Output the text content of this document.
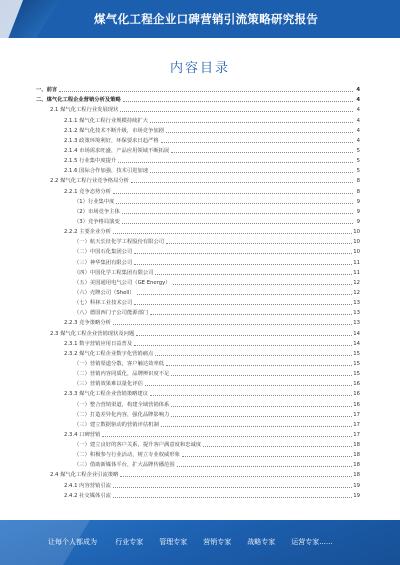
煤气化工程企业口碑营销引流策略研究报告
内容目录
一、前言	4
二、煤气化工程企业营销分析及策略	4
2.1 煤气化工程行业发展现状	4
2.1.1 煤气化工程行业规模持续扩大	4
2.1.2 煤气化技术不断升级，市场竞争加剧	4
2.1.3 政策环境利好，环保要求日趋严格	4
2.1.4 市场需求旺盛，产品应用领域不断拓展	5
2.1.5 行业集中度提升	5
2.1.6 国际合作加强，技术引进加速	5
2.2 煤气化工程行业竞争格局分析	8
2.2.1 竞争态势分析	8
（1）行业集中度	9
（2）市场竞争主体	9
（3）竞争格局演变	9
2.2.2 主要企业分析	10
（一）航天长征化学工程股份有限公司	10
（二）中国石化集团公司	10
（三）神华集团有限公司	11
（四）中国化学工程集团有限公司	11
（五）美国通用电气公司（GE Energy）	12
（六）壳牌公司（Shell）	12
（七）科林工业技术公司	13
（八）德国西门子公司能源部门	13
2.2.3 竞争策略分析	13
2.3 煤气化工程企业营销现状及问题	14
2.3.1 数字营销应用日益普及	14
2.3.2 煤气化工程企业数字化营销痛点	15
（一）营销渠道分散，客户触达效率低	15
（二）营销内容同质化，品牌辨识度不足	15
（三）营销效果难以量化评估	16
2.3.3 煤气化工程企业营销策略建议	16
（一）整合营销渠道，构建全域营销体系	16
（二）打造差异化内容，强化品牌影响力	17
（三）建立数据驱动的营销评估机制	17
2.3.4 口碑营销	17
（一）建立良好的客户关系，提升客户满意度和忠诚度	18
（二）积极参与行业活动，树立专业权威形象	18
（三）借助新媒体平台，扩大品牌传播范围	18
2.4 煤气化工程企业引流策略	18
2.4.1 内容营销引流	19
2.4.2 社交媒体引流	19
让每个人都成为	行业专家 管理专家 营销专家 战略专家 运营专家......
